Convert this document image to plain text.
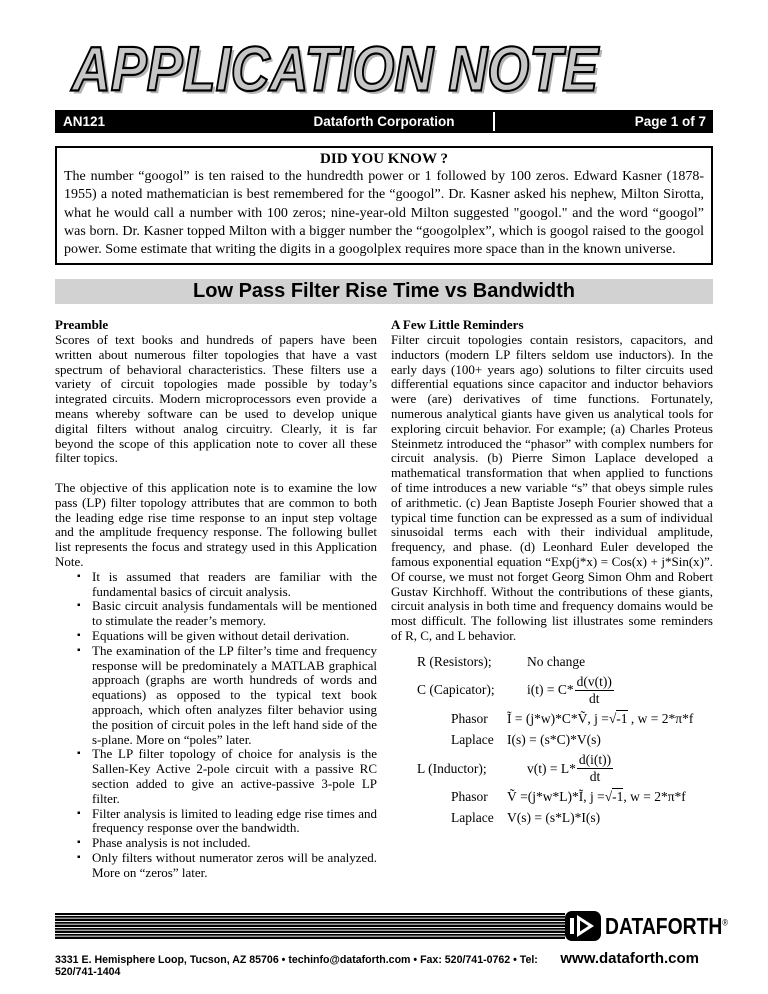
APPLICATION NOTE
AN121	Dataforth Corporation	Page 1 of 7
DID YOU KNOW ?
The number “googol” is ten raised to the hundredth power or 1 followed by 100 zeros. Edward Kasner (1878-1955) a noted mathematician is best remembered for the “googol”. Dr. Kasner asked his nephew, Milton Sirotta, what he would call a number with 100 zeros; nine-year-old Milton suggested "googol." and the word “googol” was born. Dr. Kasner topped Milton with a bigger number the “googolplex”, which is googol raised to the googol power. Some estimate that writing the digits in a googolplex requires more space than in the known universe.
Low Pass Filter Rise Time vs Bandwidth
Preamble

Scores of text books and hundreds of papers have been written about numerous filter topologies that have a vast spectrum of behavioral characteristics. These filters use a variety of circuit topologies made possible by today’s integrated circuits. Modern microprocessors even provide a means whereby software can be used to develop unique digital filters without analog circuitry. Clearly, it is far beyond the scope of this application note to cover all these filter topics.

The objective of this application note is to examine the low pass (LP) filter topology attributes that are common to both the leading edge rise time response to an input step voltage and the amplitude frequency response. The following bullet list represents the focus and strategy used in this Application Note.

▪ It is assumed that readers are familiar with the fundamental basics of circuit analysis.
▪ Basic circuit analysis fundamentals will be mentioned to stimulate the reader’s memory.
▪ Equations will be given without detail derivation.
▪ The examination of the LP filter’s time and frequency response will be predominately a MATLAB graphical approach (graphs are worth hundreds of words and equations) as opposed to the typical text book approach, which often analyzes filter behavior using the position of circuit poles in the left hand side of the s-plane. More on “poles” later.
▪ The LP filter topology of choice for analysis is the Sallen-Key Active 2-pole circuit with a passive RC section added to give an active-passive 3-pole LP filter.
▪ Filter analysis is limited to leading edge rise times and frequency response over the bandwidth.
▪ Phase analysis is not included.
▪ Only filters without numerator zeros will be analyzed. More on “zeros” later.
A Few Little Reminders

Filter circuit topologies contain resistors, capacitors, and inductors (modern LP filters seldom use inductors). In the early days (100+ years ago) solutions to filter circuits used differential equations since capacitor and inductor behaviors were (are) derivatives of time functions. Fortunately, numerous analytical giants have given us analytical tools for exploring circuit behavior. For example; (a) Charles Proteus Steinmetz introduced the “phasor” with complex numbers for circuit analysis. (b) Pierre Simon Laplace developed a mathematical transformation that when applied to functions of time introduces a new variable “s” that obeys simple rules of arithmetic. (c) Jean Baptiste Joseph Fourier showed that a typical time function can be expressed as a sum of individual sinusoidal terms each with their individual amplitude, frequency, and phase. (d) Leonhard Euler developed the famous exponential equation “Exp(j*x) = Cos(x) + j*Sin(x)”. Of course, we must not forget Georg Simon Ohm and Robert Gustav Kirchhoff. Without the contributions of these giants, circuit analysis in both time and frequency domains would be most difficult. The following list illustrates some reminders of R, C, and L behavior.

R (Resistors);	No change
C (Capicator);	$i(t) = C* \frac{d(v(t))}{dt}$
Phasor	Ĩ = (j*w)*C*Ṽ, j =√-1 , w = 2*π*f
Laplace I(s) = (s*C)*V(s)
L (Inductor);	$v(t) = L* \frac{d(i(t))}{dt}$
Phasor	Ṽ =(j*w*L)*Ĩ, j =√-1, w = 2*π*f
Laplace V(s) = (s*L)*I(s)
DATAFORTH®
3331 E. Hemisphere Loop, Tucson, AZ 85706 • techinfo@dataforth.com • Fax: 520/741-0762 • Tel: 520/741-1404
www.dataforth.com
